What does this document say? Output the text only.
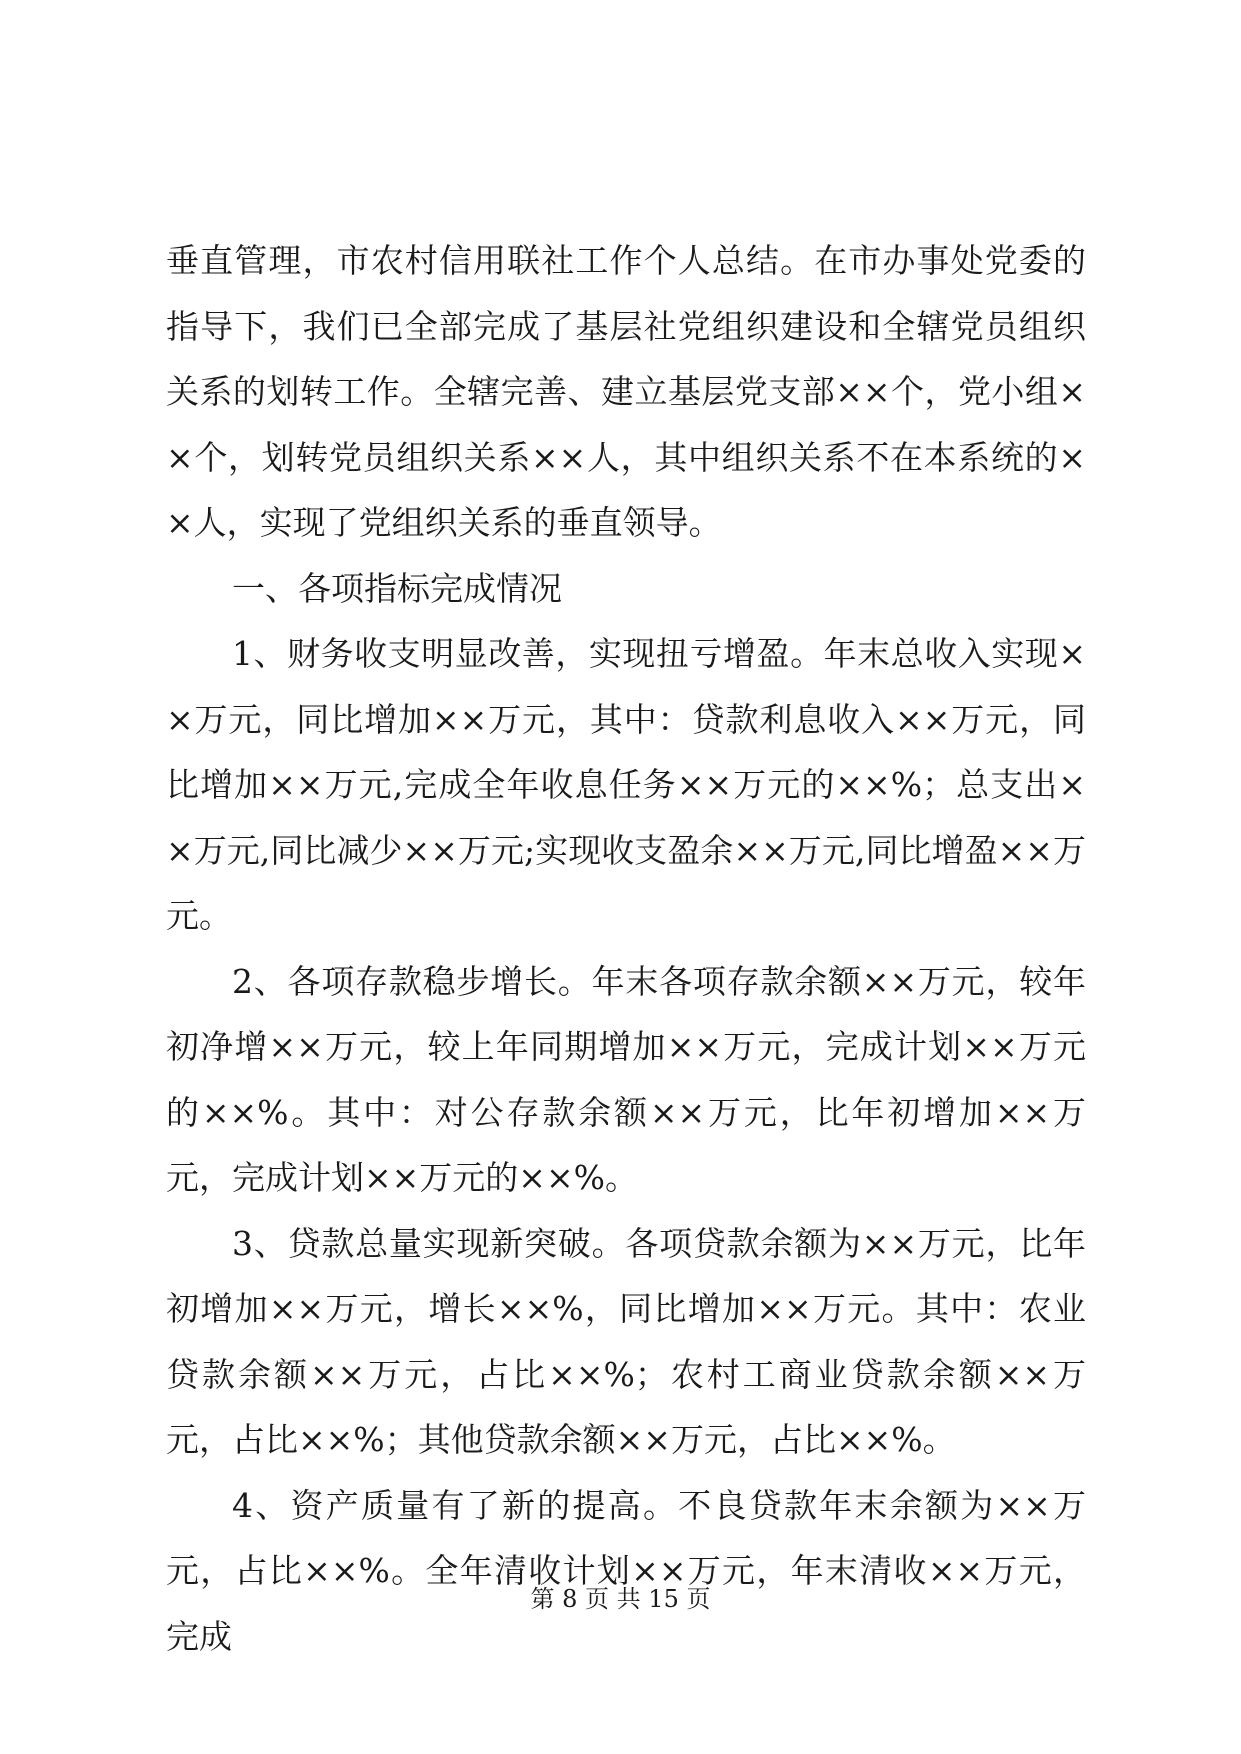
垂直管理，市农村信用联社工作个人总结。在市办事处党委的指导下，我们已全部完成了基层社党组织建设和全辖党员组织关系的划转工作。全辖完善、建立基层党支部××个，党小组××个，划转党员组织关系××人，其中组织关系不在本系统的××人，实现了党组织关系的垂直领导。

一、各项指标完成情况

1、财务收支明显改善，实现扭亏增盈。年末总收入实现××万元，同比增加××万元，其中：贷款利息收入××万元，同比增加××万元,完成全年收息任务××万元的××%；总支出××万元,同比减少××万元;实现收支盈余××万元,同比增盈××万元。

2、各项存款稳步增长。年末各项存款余额××万元，较年初净增××万元，较上年同期增加××万元，完成计划××万元的××%。其中：对公存款余额××万元，比年初增加××万元，完成计划××万元的××%。

3、贷款总量实现新突破。各项贷款余额为××万元，比年初增加××万元，增长××%，同比增加××万元。其中：农业贷款余额××万元，占比××%；农村工商业贷款余额××万元，占比××%；其他贷款余额××万元，占比××%。

4、资产质量有了新的提高。不良贷款年末余额为××万元，占比××%。全年清收计划××万元，年末清收××万元，完成

第 8 页 共 15 页
